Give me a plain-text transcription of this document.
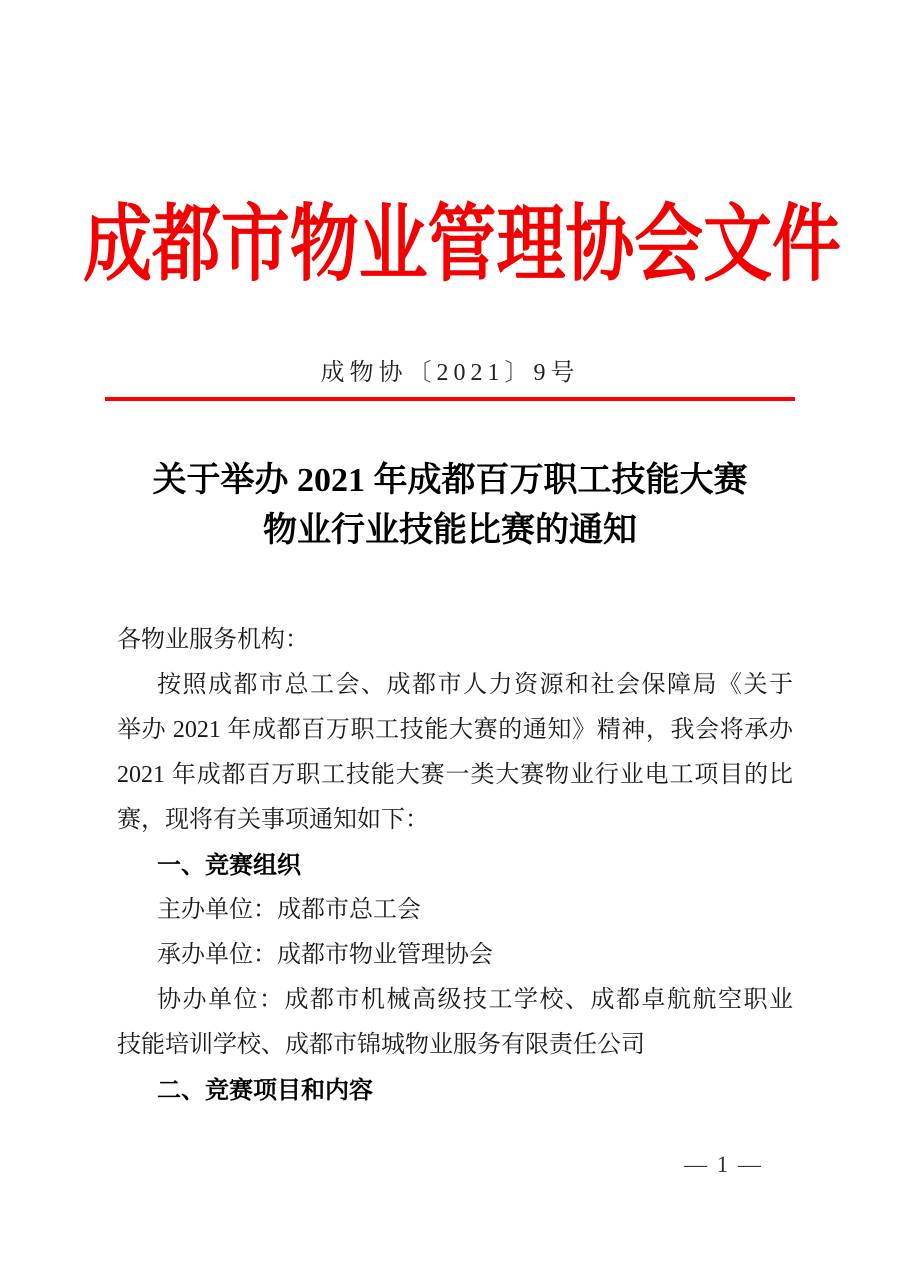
成都市物业管理协会文件
成物协〔2021〕9号
关于举办 2021 年成都百万职工技能大赛
物业行业技能比赛的通知
各物业服务机构：
按照成都市总工会、成都市人力资源和社会保障局《关于
举办 2021 年成都百万职工技能大赛的通知》精神，我会将承办
2021 年成都百万职工技能大赛一类大赛物业行业电工项目的比
赛，现将有关事项通知如下：
一、竞赛组织
主办单位：成都市总工会
承办单位：成都市物业管理协会
协办单位：成都市机械高级技工学校、成都卓航航空职业
技能培训学校、成都市锦城物业服务有限责任公司
二、竞赛项目和内容
— 1 —
